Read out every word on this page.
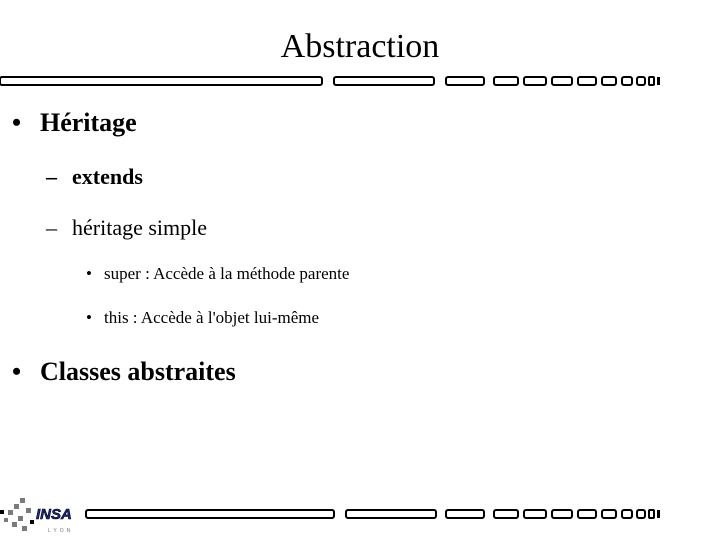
Abstraction
• Héritage
– extends
– héritage simple
• super : Accède à la méthode parente
• this : Accède à l'objet lui-même
• Classes abstraites
INSA
LYON
